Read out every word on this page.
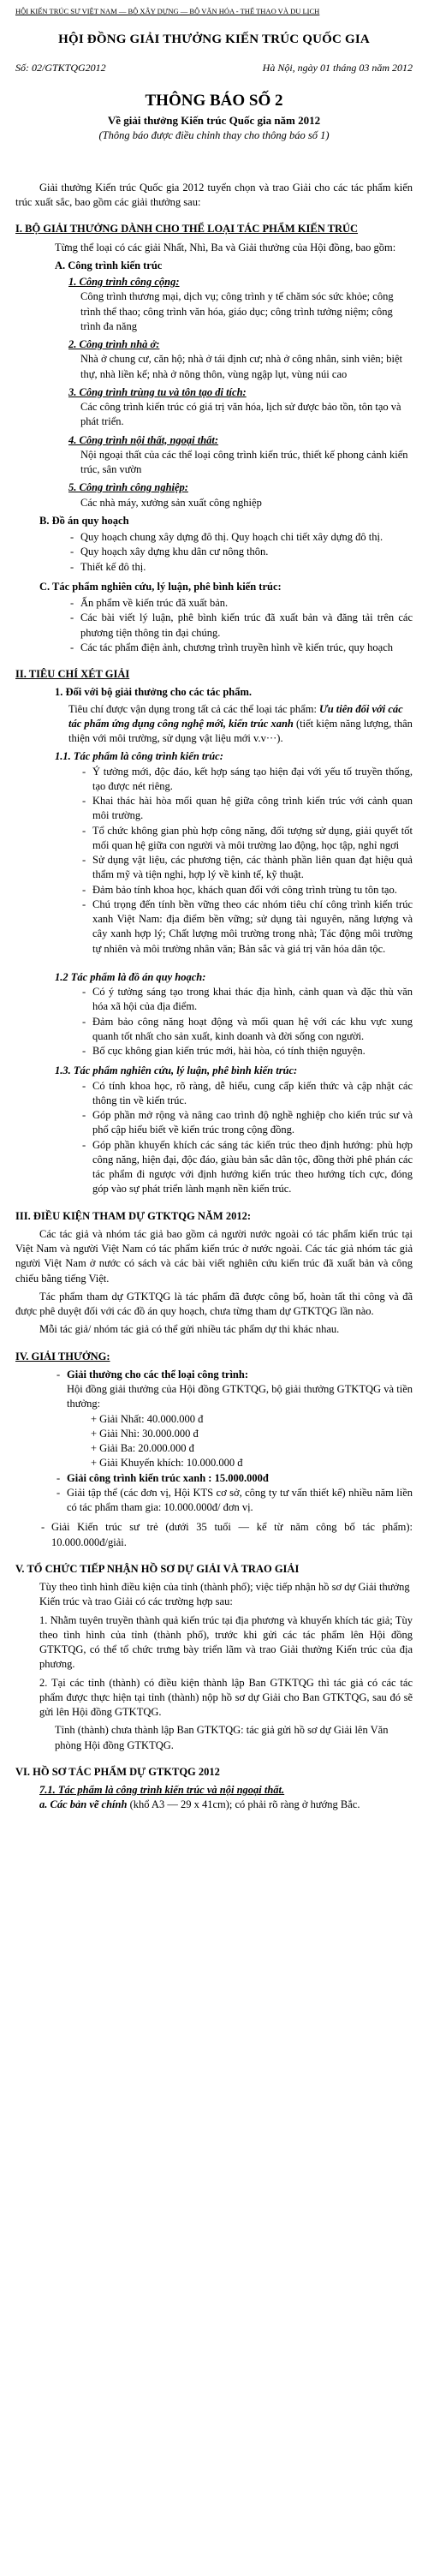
HỘI KIẾN TRÚC SƯ VIỆT NAM — BỘ XÂY DỰNG — BỘ VĂN HÓA - THỂ THAO VÀ DU LỊCH
HỘI ĐỒNG GIẢI THƯỞNG KIẾN TRÚC QUỐC GIA
Số: 02/GTKTQG2012	Hà Nội, ngày 01 tháng 03 năm 2012
THÔNG BÁO SỐ 2
Về giải thưởng Kiến trúc Quốc gia năm 2012
(Thông báo được điều chỉnh thay cho thông báo số 1)

Giải thưởng Kiến trúc Quốc gia 2012 tuyển chọn và trao Giải cho các tác phẩm kiến trúc xuất sắc, bao gồm các giải thưởng sau:

I. BỘ GIẢI THƯỞNG DÀNH CHO THỂ LOẠI TÁC PHẨM KIẾN TRÚC

Từng thể loại có các giải Nhất, Nhì, Ba và Giải thưởng của Hội đồng, bao gồm:

A. Công trình kiến trúc
1. Công trình công cộng:

Công trình thương mại, dịch vụ; công trình y tế chăm sóc sức khỏe; công trình thể thao; công trình văn hóa, giáo dục; công trình tưởng niệm; công trình đa năng

2. Công trình nhà ở:

Nhà ở chung cư, căn hộ; nhà ở tái định cư; nhà ở công nhân, sinh viên; biệt thự, nhà liền kế; nhà ở nông thôn, vùng ngập lụt, vùng núi cao

3. Công trình trùng tu và tôn tạo di tích:

Các công trình kiến trúc có giá trị văn hóa, lịch sử được bảo tồn, tôn tạo và phát triển.

4. Công trình nội thất, ngoại thất:

Nội ngoại thất của các thể loại công trình kiến trúc, thiết kế phong cảnh kiến trúc, sân vườn

5. Công trình công nghiệp:

Các nhà máy, xưởng sản xuất công nghiệp

B. Đồ án quy hoạch
- Quy hoạch chung xây dựng đô thị. Quy hoạch chi tiết xây dựng đô thị.
- Quy hoạch xây dựng khu dân cư nông thôn.
- Thiết kế đô thị.
C. Tác phẩm nghiên cứu, lý luận, phê bình kiến trúc:
- Ấn phẩm về kiến trúc đã xuất bản.
- Các bài viết lý luận, phê bình kiến trúc đã xuất bản và đăng tải trên các phương tiện thông tin đại chúng.
- Các tác phẩm điện ảnh, chương trình truyền hình về kiến trúc, quy hoạch
II. TIÊU CHÍ XÉT GIẢI
1. Đối với bộ giải thưởng cho các tác phẩm.

Tiêu chí được vận dụng trong tất cả các thể loại tác phẩm: Ưu tiên đối với các tác phẩm ứng dụng công nghệ mới, kiến trúc xanh (tiết kiệm năng lượng, thân thiện với môi trường, sử dụng vật liệu mới v.v···).

1.1. Tác phẩm là công trình kiến trúc:
- Ý tưởng mới, độc đáo, kết hợp sáng tạo hiện đại với yếu tố truyền thống, tạo được nét riêng.
- Khai thác hài hòa mối quan hệ giữa công trình kiến trúc với cảnh quan môi trường.
- Tổ chức không gian phù hợp công năng, đối tượng sử dụng, giải quyết tốt mối quan hệ giữa con người và môi trường lao động, học tập, nghỉ ngơi
- Sử dụng vật liệu, các phương tiện, các thành phần liên quan đạt hiệu quả thẩm mỹ và tiện nghi, hợp lý về kinh tế, kỹ thuật.
- Đảm bảo tính khoa học, khách quan đối với công trình trùng tu tôn tạo.
- Chú trọng đến tính bền vững theo các nhóm tiêu chí công trình kiến trúc xanh Việt Nam: địa điểm bền vững; sử dụng tài nguyên, năng lượng và cây xanh hợp lý; Chất lượng môi trường trong nhà; Tác động môi trường tự nhiên và môi trường nhân văn; Bản sắc và giá trị văn hóa dân tộc.
1.2 Tác phẩm là đồ án quy hoạch:
- Có ý tưởng sáng tạo trong khai thác địa hình, cảnh quan và đặc thù văn hóa xã hội của địa điểm.
- Đảm bảo công năng hoạt động và mối quan hệ với các khu vực xung quanh tốt nhất cho sản xuất, kinh doanh và đời sống con người.
- Bố cục không gian kiến trúc mới, hài hòa, có tính thiện nguyện.
1.3. Tác phẩm nghiên cứu, lý luận, phê bình kiến trúc:
- Có tính khoa học, rõ ràng, dễ hiểu, cung cấp kiến thức và cập nhật các thông tin về kiến trúc.
- Góp phần mở rộng và nâng cao trình độ nghề nghiệp cho kiến trúc sư và phổ cập hiểu biết về kiến trúc trong cộng đồng.
- Góp phần khuyến khích các sáng tác kiến trúc theo định hướng: phù hợp công năng, hiện đại, độc đáo, giàu bản sắc dân tộc, đồng thời phê phán các tác phẩm đi ngược với định hướng kiến trúc theo hướng tích cực, đóng góp vào sự phát triển lành mạnh nền kiến trúc.
III. ĐIỀU KIỆN THAM DỰ GTKTQG NĂM 2012:

Các tác giả và nhóm tác giả bao gồm cả người nước ngoài có tác phẩm kiến trúc tại Việt Nam và người Việt Nam có tác phẩm kiến trúc ở nước ngoài. Các tác giả nhóm tác giả người Việt Nam ở nước có sách và các bài viết nghiên cứu kiến trúc đã xuất bản và công chiếu bằng tiếng Việt.

Tác phẩm tham dự GTKTQG là tác phẩm đã được công bố, hoàn tất thi công và đã được phê duyệt đối với các đồ án quy hoạch, chưa từng tham dự GTKTQG lần nào.

Mỗi tác giả/ nhóm tác giả có thể gửi nhiều tác phẩm dự thi khác nhau.

IV. GIẢI THƯỞNG:
- Giải thưởng cho các thể loại công trình:
Hội đồng giải thưởng của Hội đồng GTKTQG, bộ giải thưởng GTKTQG và tiền thưởng:
+ Giải Nhất: 40.000.000 đ
+ Giải Nhì: 30.000.000 đ
+ Giải Ba: 20.000.000 đ
+ Giải Khuyến khích: 10.000.000 đ
- Giải công trình kiến trúc xanh : 15.000.000đ
- Giải tập thể (các đơn vị, Hội KTS cơ sở, công ty tư vấn thiết kế) nhiều năm liền có tác phẩm tham gia: 10.000.000đ/ đơn vị.
- Giải Kiến trúc sư trẻ (dưới 35 tuổi — kể từ năm công bố tác phẩm): 10.000.000đ/giải.
V. TỔ CHỨC TIẾP NHẬN HỒ SƠ DỰ GIẢI VÀ TRAO GIẢI

Tùy theo tình hình điều kiện của tỉnh (thành phố); việc tiếp nhận hồ sơ dự Giải thưởng Kiến trúc và trao Giải có các trường hợp sau:

1. Nhằm tuyên truyền thành quả kiến trúc tại địa phương và khuyến khích tác giả; Tùy theo tình hình của tỉnh (thành phố), trước khi gửi các tác phẩm lên Hội đồng GTKTQG, có thể tổ chức trưng bày triển lãm và trao Giải thưởng Kiến trúc của địa phương.

2. Tại các tỉnh (thành) có điều kiện thành lập Ban GTKTQG thì tác giả có các tác phẩm được thực hiện tại tỉnh (thành) nộp hồ sơ dự Giải cho Ban GTKTQG, sau đó sẽ gửi lên Hội đồng GTKTQG.

Tỉnh (thành) chưa thành lập Ban GTKTQG: tác giả gửi hồ sơ dự Giải lên Văn phòng Hội đồng GTKTQG.

VI. HỒ SƠ TÁC PHẨM DỰ GTKTQG 2012
7.1. Tác phẩm là công trình kiến trúc và nội ngoại thất.

a. Các bản vẽ chính (khổ A3 — 29 x 41cm); có phải rõ ràng ở hướng Bắc.
